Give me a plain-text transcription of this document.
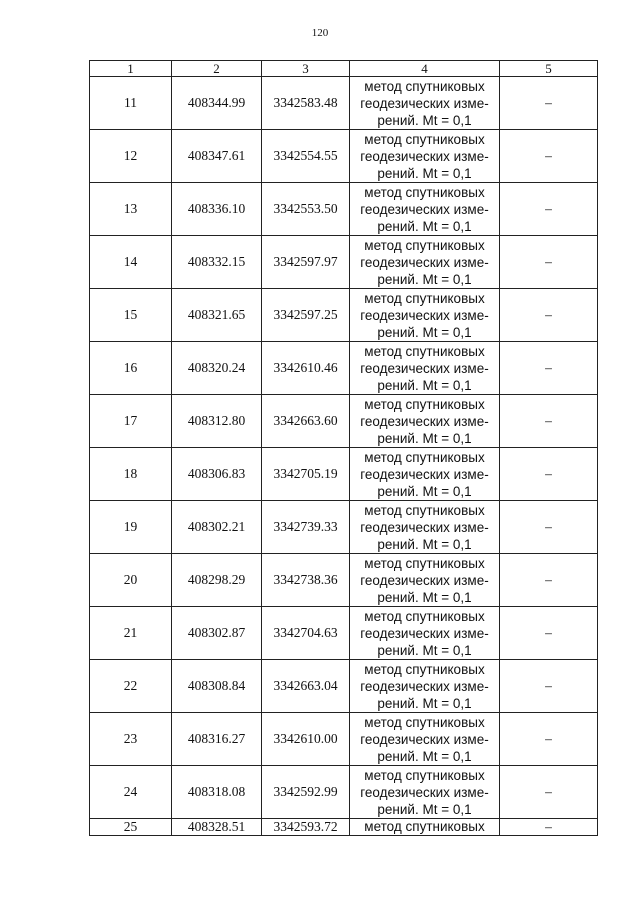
120
1	2	3	4	5
11	408344.99	3342583.48	метод спутниковых
геодезических изме-
рений. Mt = 0,1	–
12	408347.61	3342554.55	метод спутниковых
геодезических изме-
рений. Mt = 0,1	–
13	408336.10	3342553.50	метод спутниковых
геодезических изме-
рений. Mt = 0,1	–
14	408332.15	3342597.97	метод спутниковых
геодезических изме-
рений. Mt = 0,1	–
15	408321.65	3342597.25	метод спутниковых
геодезических изме-
рений. Mt = 0,1	–
16	408320.24	3342610.46	метод спутниковых
геодезических изме-
рений. Mt = 0,1	–
17	408312.80	3342663.60	метод спутниковых
геодезических изме-
рений. Mt = 0,1	–
18	408306.83	3342705.19	метод спутниковых
геодезических изме-
рений. Mt = 0,1	–
19	408302.21	3342739.33	метод спутниковых
геодезических изме-
рений. Mt = 0,1	–
20	408298.29	3342738.36	метод спутниковых
геодезических изме-
рений. Mt = 0,1	–
21	408302.87	3342704.63	метод спутниковых
геодезических изме-
рений. Mt = 0,1	–
22	408308.84	3342663.04	метод спутниковых
геодезических изме-
рений. Mt = 0,1	–
23	408316.27	3342610.00	метод спутниковых
геодезических изме-
рений. Mt = 0,1	–
24	408318.08	3342592.99	метод спутниковых
геодезических изме-
рений. Mt = 0,1	–
25	408328.51	3342593.72	метод спутниковых	–
